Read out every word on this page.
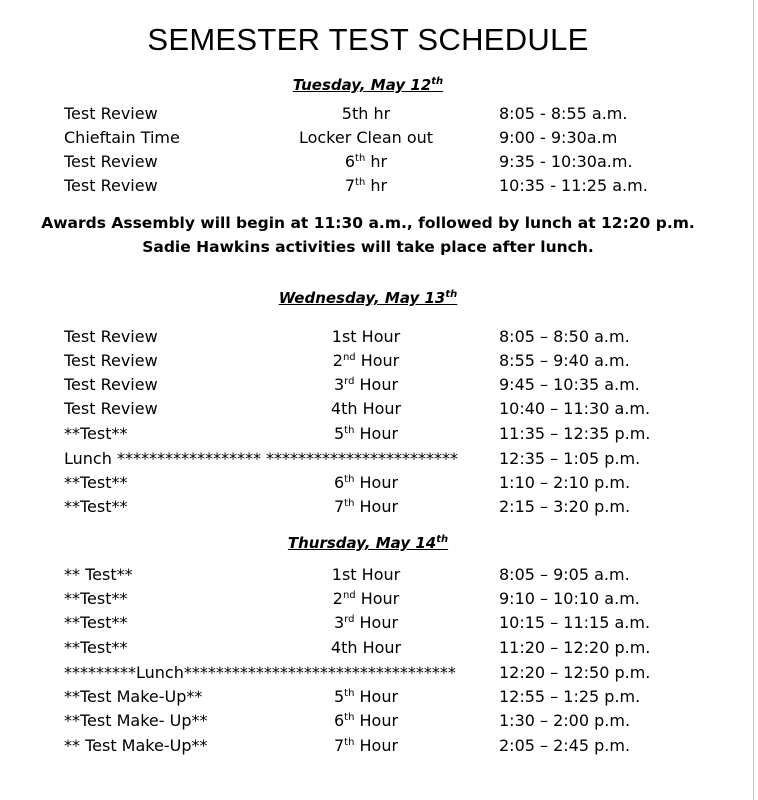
SEMESTER TEST SCHEDULE
Tuesday, May 12th
Test Review	5th hr	8:05 - 8:55 a.m.
Chieftain Time	Locker Clean out	9:00 - 9:30a.m
Test Review	6th hr	9:35 - 10:30a.m.
Test Review	7th hr	10:35 - 11:25 a.m.
Awards Assembly will begin at 11:30 a.m., followed by lunch at 12:20 p.m.
Sadie Hawkins activities will take place after lunch.
Wednesday, May 13th
Test Review	1st Hour	8:05 – 8:50 a.m.
Test Review	2nd Hour	8:55 – 9:40 a.m.
Test Review	3rd Hour	9:45 – 10:35 a.m.
Test Review	4th Hour	10:40 – 11:30 a.m.
**Test**	5th Hour	11:35 – 12:35 p.m.
Lunch ****************** ************************	12:35 – 1:05 p.m.
**Test**	6th Hour	1:10 – 2:10 p.m.
**Test**	7th Hour	2:15 – 3:20 p.m.
Thursday, May 14th
** Test**	1st Hour	8:05 – 9:05 a.m.
**Test**	2nd Hour	9:10 – 10:10 a.m.
**Test**	3rd Hour	10:15 – 11:15 a.m.
**Test**	4th Hour	11:20 – 12:20 p.m.
*********Lunch**********************************	12:20 – 12:50 p.m.
**Test Make-Up**	5th Hour	12:55 – 1:25 p.m.
**Test Make- Up**	6th Hour	1:30 – 2:00 p.m.
** Test Make-Up**	7th Hour	2:05 – 2:45 p.m.
